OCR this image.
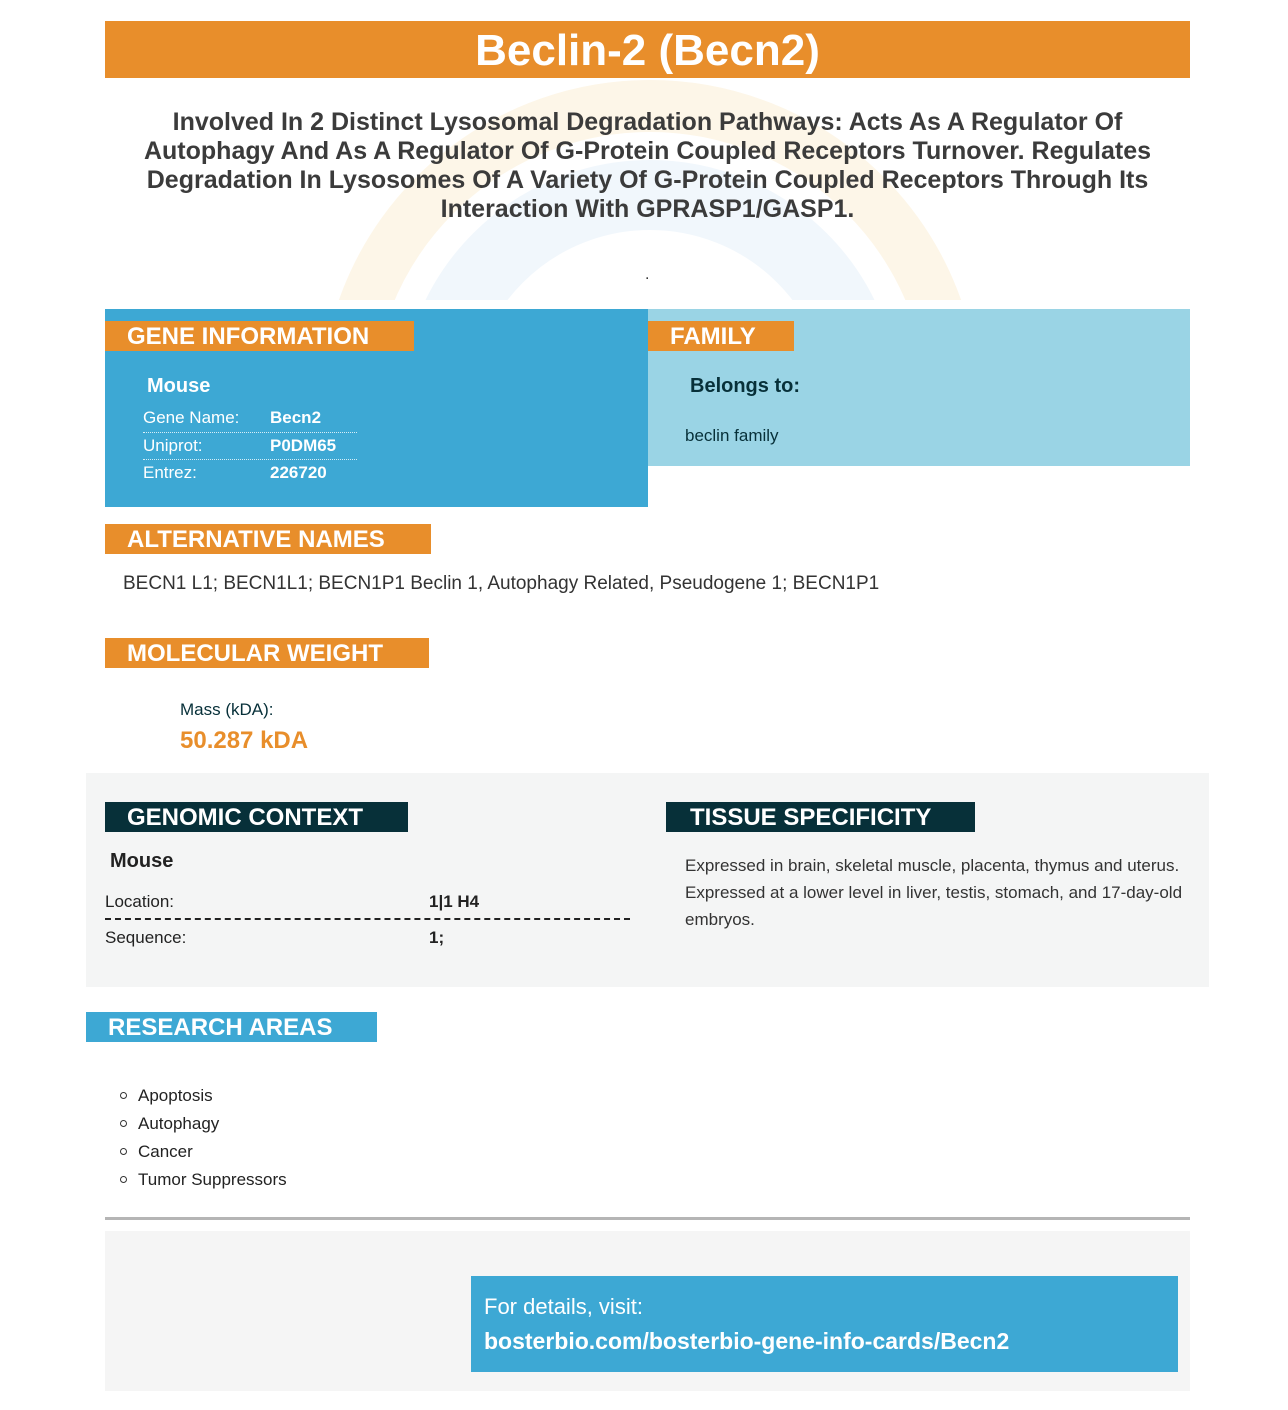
Beclin-2 (Becn2)
Involved In 2 Distinct Lysosomal Degradation Pathways: Acts As A Regulator Of Autophagy And As A Regulator Of G-Protein Coupled Receptors Turnover. Regulates Degradation In Lysosomes Of A Variety Of G-Protein Coupled Receptors Through Its Interaction With GPRASP1/GASP1.
.
GENE INFORMATION
Mouse
Gene Name: Becn2
Uniprot:	P0DM65
Entrez:	226720
FAMILY
Belongs to:
beclin family
ALTERNATIVE NAMES
BECN1 L1; BECN1L1; BECN1P1 Beclin 1, Autophagy Related, Pseudogene 1; BECN1P1
MOLECULAR WEIGHT
Mass (kDA):
50.287 kDA
GENOMIC CONTEXT
Mouse
Location:	1|1 H4
Sequence:	1;
TISSUE SPECIFICITY
Expressed in brain, skeletal muscle, placenta, thymus and uterus. Expressed at a lower level in liver, testis, stomach, and 17-day-old embryos.
RESEARCH AREAS
Apoptosis
Autophagy
Cancer
Tumor Suppressors
For details, visit:
bosterbio.com/bosterbio-gene-info-cards/Becn2
